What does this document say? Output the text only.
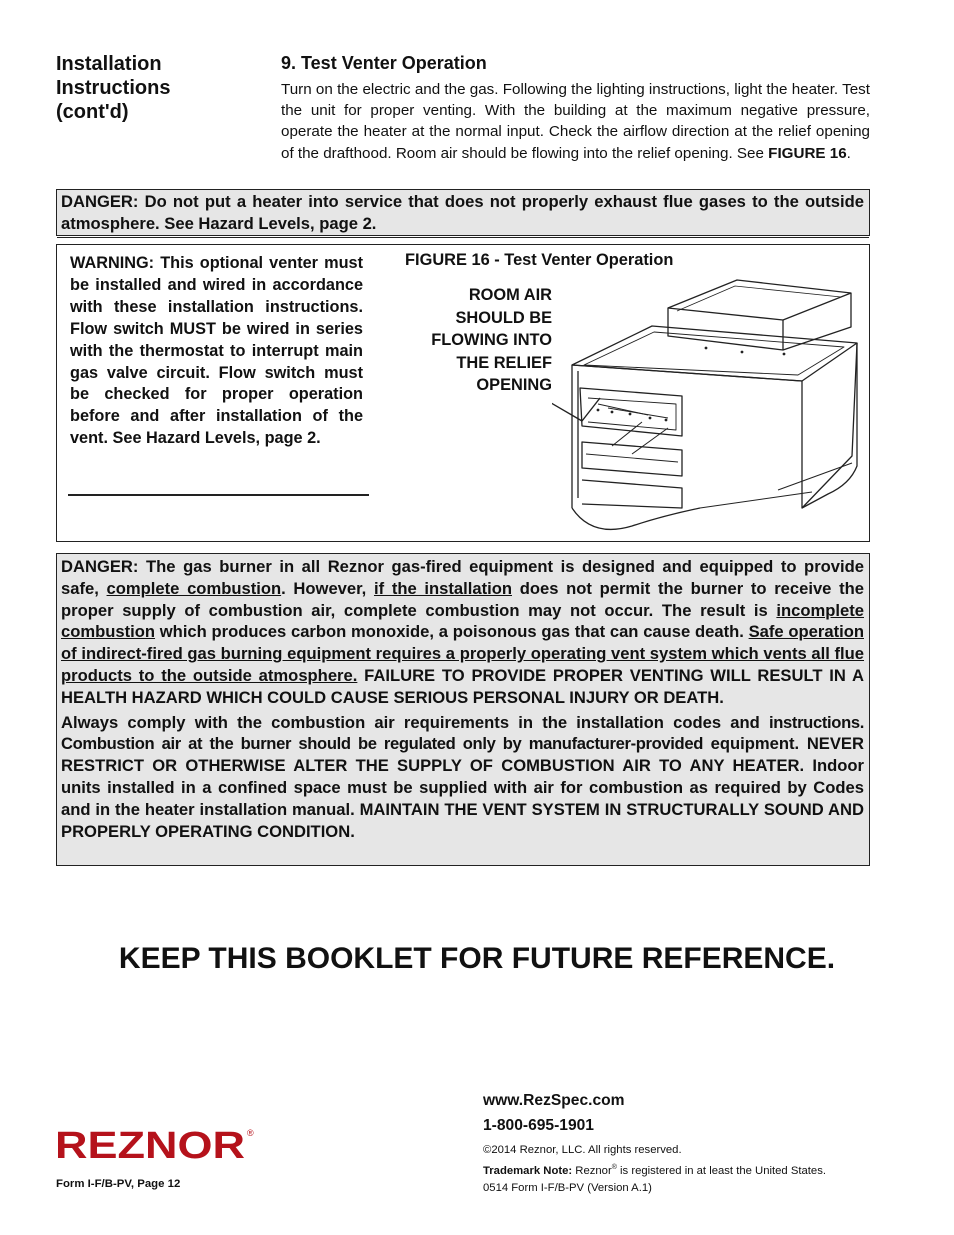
Installation
Instructions
(cont'd)
9. Test Venter Operation
Turn on the electric and the gas. Following the lighting instructions, light the heater. Test the unit for proper venting. With the building at the maximum negative pressure, operate the heater at the normal input. Check the airflow direction at the relief opening of the drafthood. Room air should be flowing into the relief opening. See FIGURE 16.
DANGER: Do not put a heater into service that does not properly exhaust flue gases to the outside atmosphere. See Hazard Levels, page 2.
WARNING: This optional venter must be installed and wired in accordance with these installation instructions. Flow switch MUST be wired in series with the thermostat to interrupt main gas valve circuit. Flow switch must be checked for proper operation before and after installation of the vent. See Hazard Levels, page 2.
FIGURE 16 - Test Venter Operation
ROOM AIR
SHOULD BE
FLOWING INTO
THE RELIEF
OPENING

DANGER: The gas burner in all Reznor gas-fired equipment is designed and equipped to provide safe, complete combustion. However, if the installation does not permit the burner to receive the proper supply of combustion air, complete combustion may not occur. The result is incomplete combustion which produces carbon monoxide, a poisonous gas that can cause death. Safe operation of indirect-fired gas burning equipment requires a properly operating vent system which vents all flue products to the outside atmosphere. FAILURE TO PROVIDE PROPER VENTING WILL RESULT IN A HEALTH HAZARD WHICH COULD CAUSE SERIOUS PERSONAL INJURY OR DEATH.

Always comply with the combustion air requirements in the installation codes and instructions. Combustion air at the burner should be regulated only by manufacturer-provided equipment. NEVER RESTRICT OR OTHERWISE ALTER THE SUPPLY OF COMBUSTION AIR TO ANY HEATER. Indoor units installed in a confined space must be supplied with air for combustion as required by Codes and in the heater installation manual. MAINTAIN THE VENT SYSTEM IN STRUCTURALLY SOUND AND PROPERLY OPERATING CONDITION.

KEEP THIS BOOKLET FOR FUTURE REFERENCE.
REZNOR ®
Form I-F/B-PV, Page 12
www.RezSpec.com
1-800-695-1901
©2014 Reznor, LLC. All rights reserved.
Trademark Note: Reznor® is registered in at least the United States.
0514 Form I-F/B-PV (Version A.1)
